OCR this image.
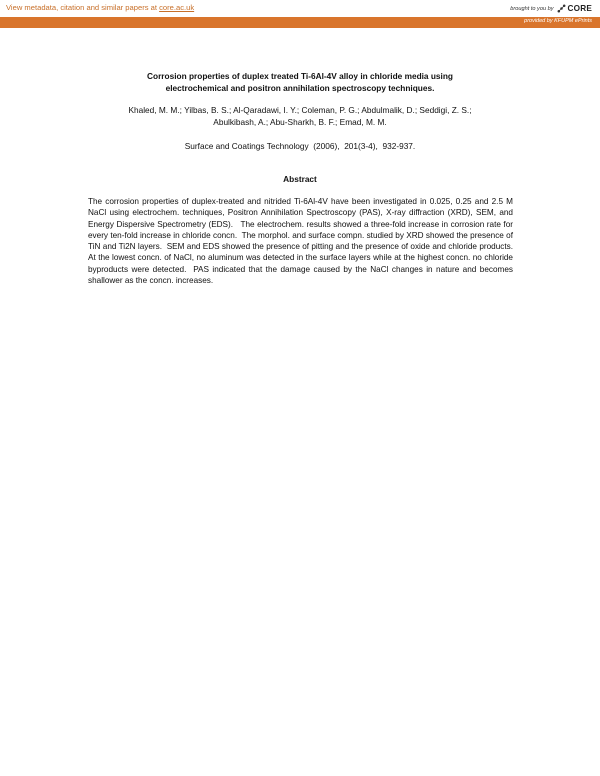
View metadata, citation and similar papers at core.ac.uk	brought to you by CORE
provided by KFUPM ePrints
Corrosion properties of duplex treated Ti-6Al-4V alloy in chloride media using
electrochemical and positron annihilation spectroscopy techniques.
Khaled, M. M.; Yilbas, B. S.; Al-Qaradawi, I. Y.; Coleman, P. G.; Abdulmalik, D.; Seddigi, Z. S.;
Abulkibash, A.; Abu-Sharkh, B. F.; Emad, M. M.
Surface and Coatings Technology  (2006),  201(3-4),  932-937.
Abstract
The corrosion properties of duplex-treated and nitrided Ti-6Al-4V have been investigated in 0.025, 0.25 and 2.5 M NaCl using electrochem. techniques, Positron Annihilation Spectroscopy (PAS), X-ray diffraction (XRD), SEM, and Energy Dispersive Spectrometry (EDS).   The electrochem. results showed a three-fold increase in corrosion rate for every ten-fold increase in chloride concn.  The morphol. and surface compn. studied by XRD showed the presence of TiN and Ti2N layers.  SEM and EDS showed the presence of pitting and the presence of oxide and chloride products.  At the lowest concn. of NaCl, no aluminum was detected in the surface layers while at the highest concn. no chloride byproducts were detected.  PAS indicated that the damage caused by the NaCl changes in nature and becomes shallower as the concn. increases.
